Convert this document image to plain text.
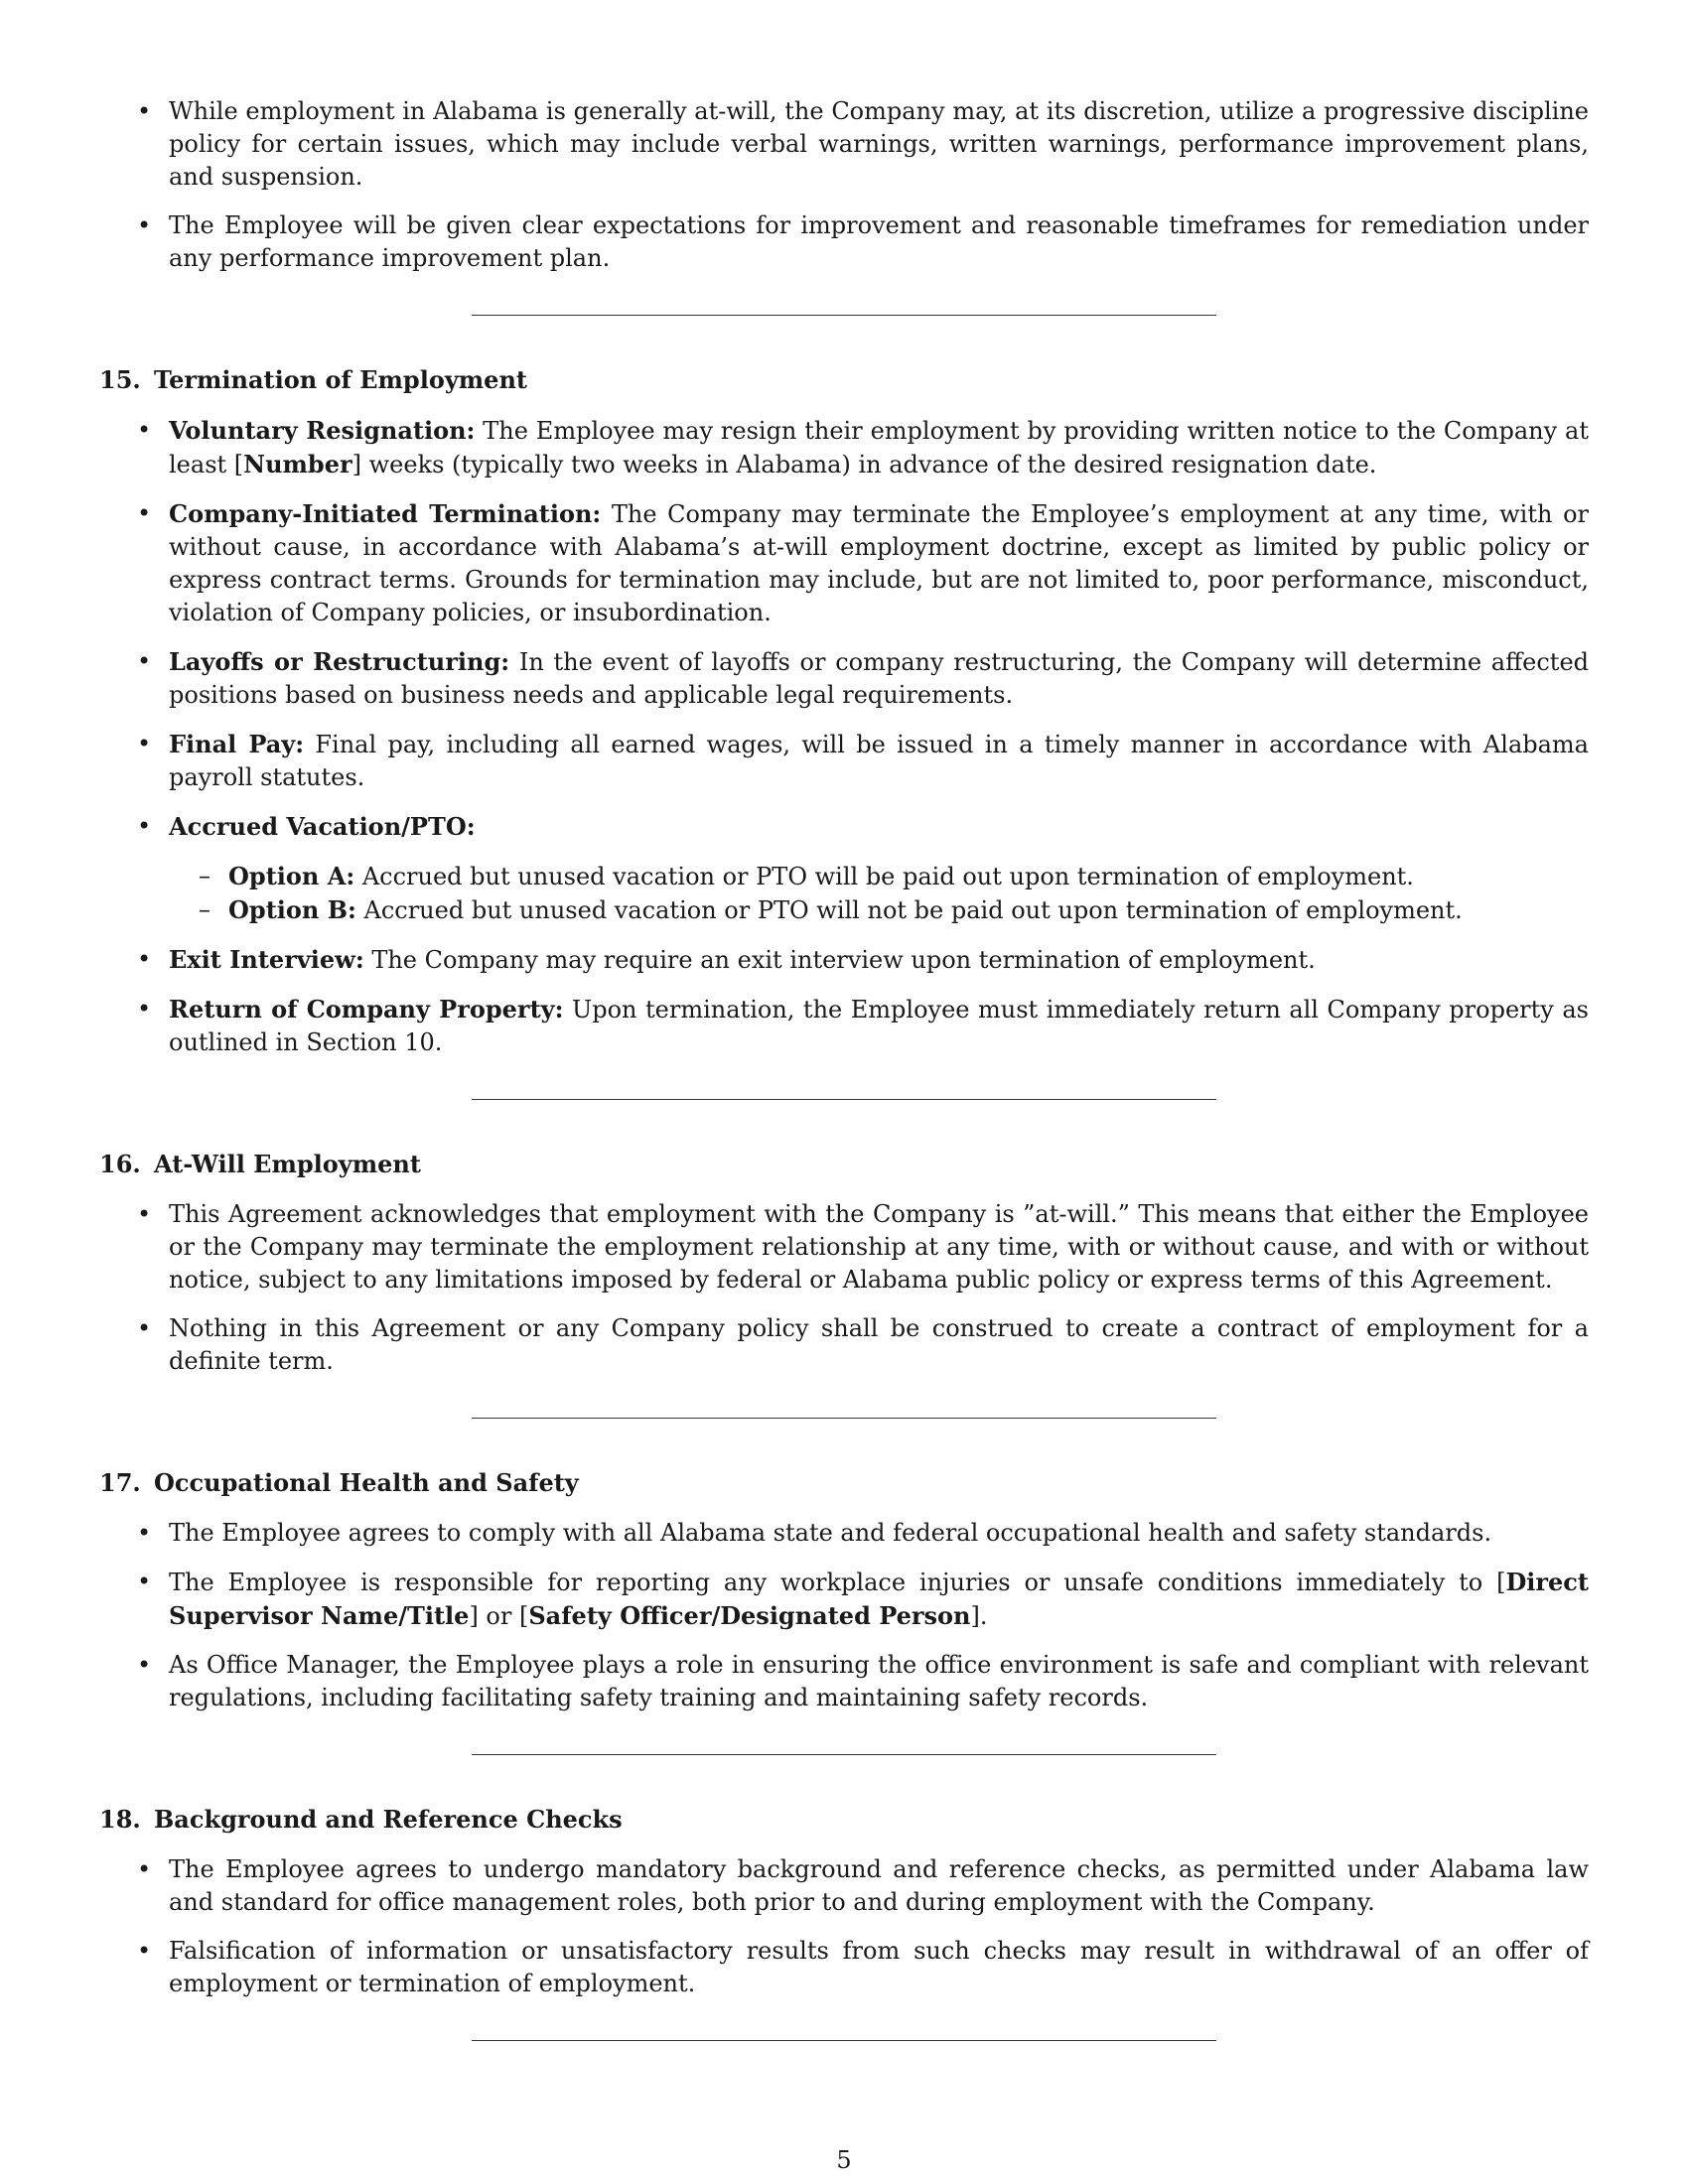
• While employment in Alabama is generally at-will, the Company may, at its discretion, utilize a progressive discipline policy for certain issues, which may include verbal warnings, written warnings, performance improvement plans, and suspension.
• The Employee will be given clear expectations for improvement and reasonable timeframes for remediation under any performance improvement plan.
15. Termination of Employment
• Voluntary Resignation: The Employee may resign their employment by providing written notice to the Company at least [Number] weeks (typically two weeks in Alabama) in advance of the desired resignation date.
• Company-Initiated Termination: The Company may terminate the Employee’s employment at any time, with or without cause, in accordance with Alabama’s at-will employment doctrine, except as limited by public policy or express contract terms. Grounds for termination may include, but are not limited to, poor performance, misconduct, violation of Company policies, or insubordination.
• Layoffs or Restructuring: In the event of layoffs or company restructuring, the Company will determine affected positions based on business needs and applicable legal requirements.
• Final Pay: Final pay, including all earned wages, will be issued in a timely manner in accordance with Alabama payroll statutes.
• Accrued Vacation/PTO:
– Option A: Accrued but unused vacation or PTO will be paid out upon termination of employment.
– Option B: Accrued but unused vacation or PTO will not be paid out upon termination of employment.
• Exit Interview: The Company may require an exit interview upon termination of employment.
• Return of Company Property: Upon termination, the Employee must immediately return all Company property as outlined in Section 10.
16. At-Will Employment
• This Agreement acknowledges that employment with the Company is ”at-will.” This means that either the Employee or the Company may terminate the employment relationship at any time, with or without cause, and with or without notice, subject to any limitations imposed by federal or Alabama public policy or express terms of this Agreement.
• Nothing in this Agreement or any Company policy shall be construed to create a contract of employment for a definite term.
17. Occupational Health and Safety
• The Employee agrees to comply with all Alabama state and federal occupational health and safety standards.
• The Employee is responsible for reporting any workplace injuries or unsafe conditions immediately to [Direct Supervisor Name/Title] or [Safety Officer/Designated Person].
• As Office Manager, the Employee plays a role in ensuring the office environment is safe and compliant with relevant regulations, including facilitating safety training and maintaining safety records.
18. Background and Reference Checks
• The Employee agrees to undergo mandatory background and reference checks, as permitted under Alabama law and standard for office management roles, both prior to and during employment with the Company.
• Falsification of information or unsatisfactory results from such checks may result in withdrawal of an offer of employment or termination of employment.
5
